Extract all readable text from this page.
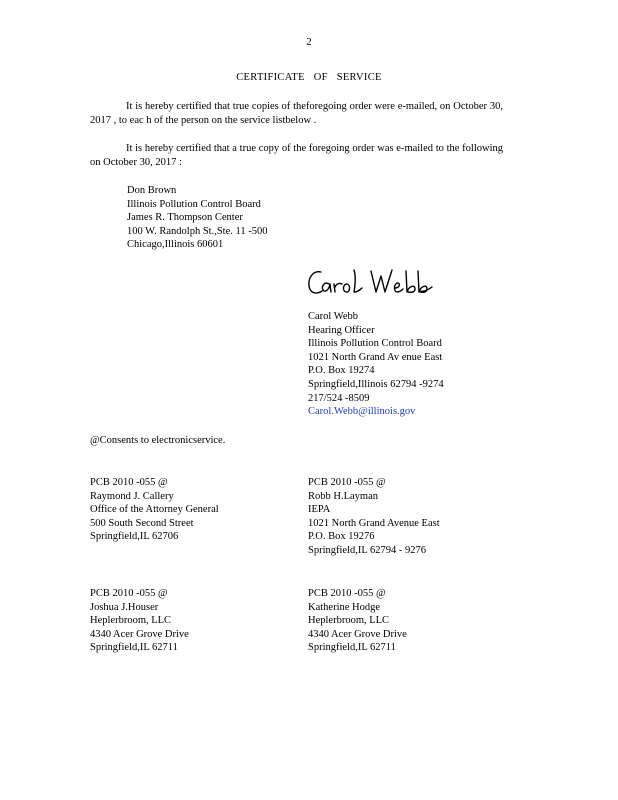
2
CERTIFICATE OF SERVICE
It is hereby certified that true copies of theforegoing order were e-mailed, on October 30, 2017 , to eac h of the person on the service listbelow .
It is hereby certified that a true copy of the foregoing order was e-mailed to the following on October 30, 2017 :
Don Brown
Illinois Pollution Control Board
James R. Thompson Center
100 W. Randolph St.,Ste. 11 -500
Chicago,Illinois 60601
Carol Webb
Hearing Officer
Illinois Pollution Control Board
1021 North Grand Av enue East
P.O. Box 19274
Springfield,Illinois 62794 -9274
217/524 -8509
Carol.Webb@illinois.gov
@Consents to electronicservice.
PCB 2010 -055 @
Raymond J. Callery
Office of the Attorney General
500 South Second Street
Springfield,IL 62706
PCB 2010 -055 @
Robb H.Layman
IEPA
1021 North Grand Avenue East
P.O. Box 19276
Springfield,IL 62794 - 9276
PCB 2010 -055 @
Joshua J.Houser
Heplerbroom, LLC
4340 Acer Grove Drive
Springfield,IL 62711
PCB 2010 -055 @
Katherine Hodge
Heplerbroom, LLC
4340 Acer Grove Drive
Springfield,IL 62711
